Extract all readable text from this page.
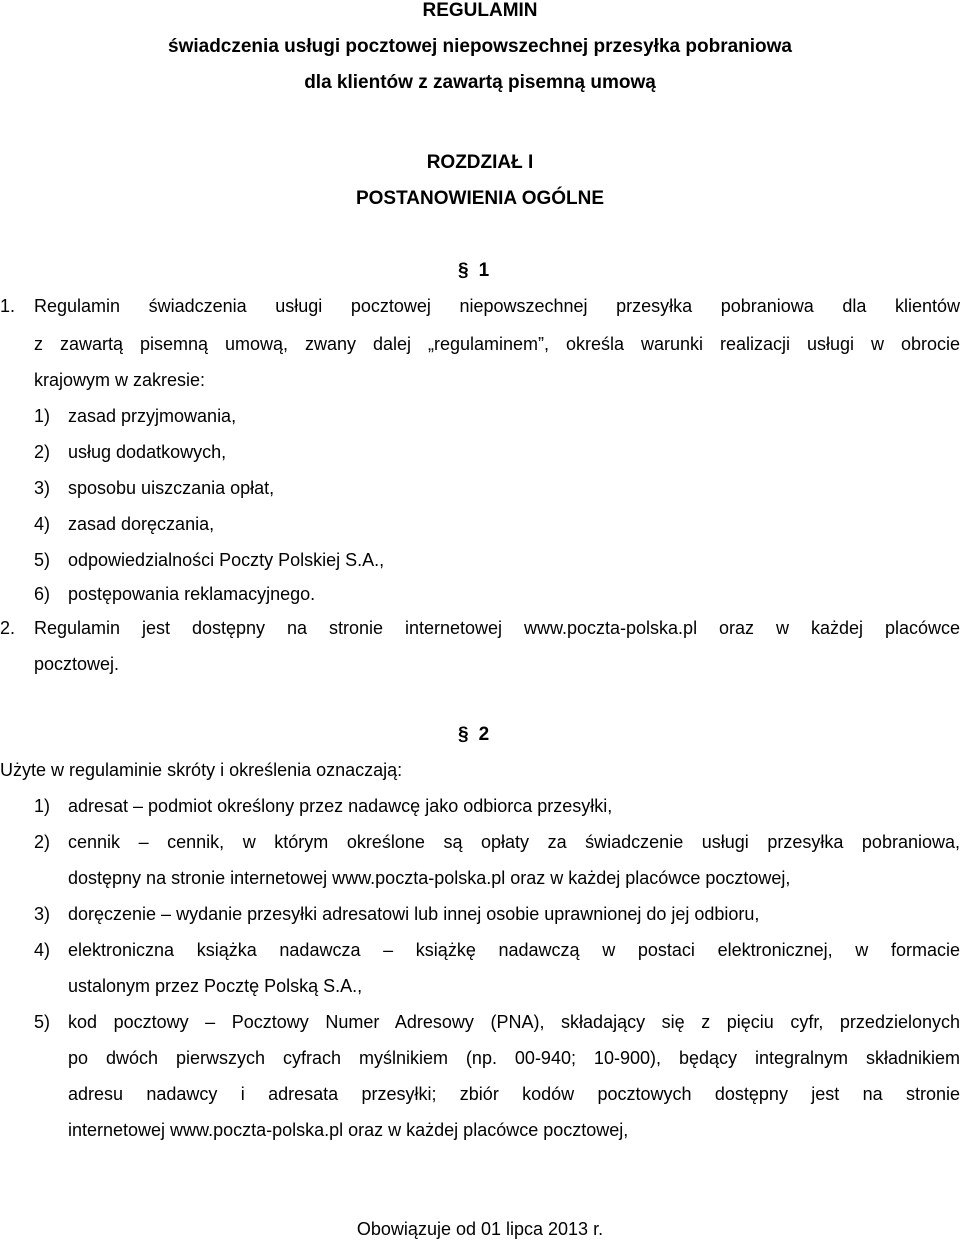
REGULAMIN
świadczenia usługi pocztowej niepowszechnej przesyłka pobraniowa
dla klientów z zawartą pisemną umową
ROZDZIAŁ I
POSTANOWIENIA OGÓLNE
§ 1
1. Regulamin świadczenia usługi pocztowej niepowszechnej przesyłka pobraniowa dla klientów
z zawartą pisemną umową, zwany dalej „regulaminem”, określa warunki realizacji usługi w obrocie
krajowym w zakresie:
1) zasad przyjmowania,
2) usług dodatkowych,
3) sposobu uiszczania opłat,
4) zasad doręczania,
5) odpowiedzialności Poczty Polskiej S.A.,
6) postępowania reklamacyjnego.
2. Regulamin jest dostępny na stronie internetowej www.poczta-polska.pl oraz w każdej placówce
pocztowej.
§ 2
Użyte w regulaminie skróty i określenia oznaczają:
1) adresat – podmiot określony przez nadawcę jako odbiorca przesyłki,
2) cennik – cennik, w którym określone są opłaty za świadczenie usługi przesyłka pobraniowa,
dostępny na stronie internetowej www.poczta-polska.pl oraz w każdej placówce pocztowej,
3) doręczenie – wydanie przesyłki adresatowi lub innej osobie uprawnionej do jej odbioru,
4) elektroniczna książka nadawcza – książkę nadawczą w postaci elektronicznej, w formacie
ustalonym przez Pocztę Polską S.A.,
5) kod pocztowy – Pocztowy Numer Adresowy (PNA), składający się z pięciu cyfr, przedzielonych
po dwóch pierwszych cyfrach myślnikiem (np. 00-940; 10-900), będący integralnym składnikiem
adresu nadawcy i adresata przesyłki; zbiór kodów pocztowych dostępny jest na stronie
internetowej www.poczta-polska.pl oraz w każdej placówce pocztowej,
Obowiązuje od 01 lipca 2013 r.
